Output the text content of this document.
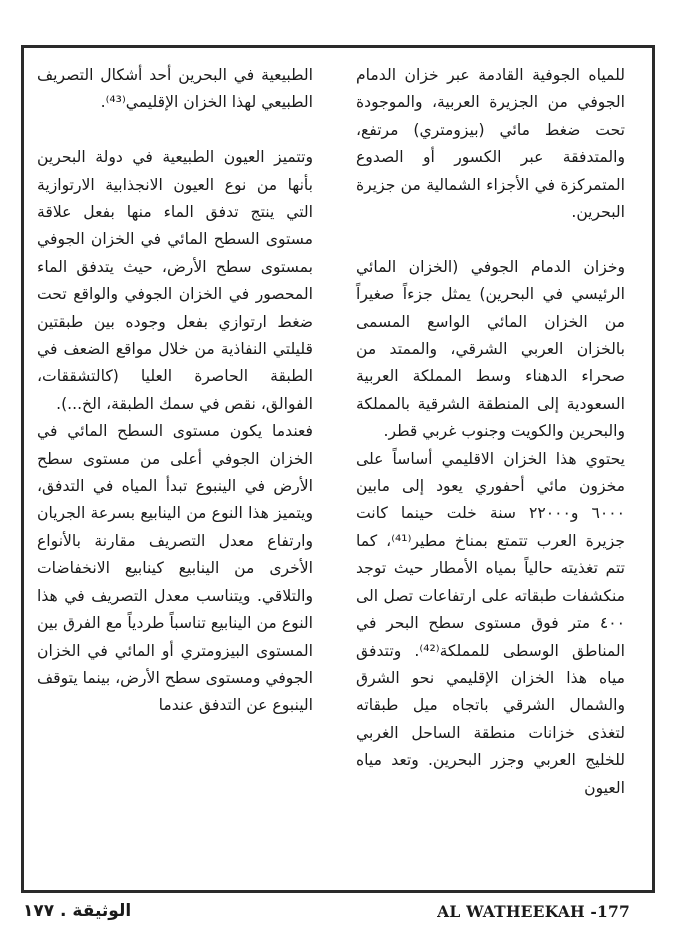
للمياه الجوفية القادمة عبر خزان الدمام الجوفي من الجزيرة العربية، والموجودة تحت ضغط مائي (بيزومتري) مرتفع، والمتدفقة عبر الكسور أو الصدوع المتمركزة في الأجزاء الشمالية من جزيرة البحرين.

وخزان الدمام الجوفي (الخزان المائي الرئيسي في البحرين) يمثل جزءاً صغيراً من الخزان المائي الواسع المسمى بالخزان العربي الشرقي، والممتد من صحراء الدهناء وسط المملكة العربية السعودية إلى المنطقة الشرقية بالمملكة والبحرين والكويت وجنوب غربي قطر.

يحتوي هذا الخزان الاقليمي أساساً على مخزون مائي أحفوري يعود إلى مابين ٦٠٠٠ و٢٢٠٠٠ سنة خلت حينما كانت جزيرة العرب تتمتع بمناخ مطير⁽⁴¹⁾، كما تتم تغذيته حالياً بمياه الأمطار حيث توجد منكشفات طبقاته على ارتفاعات تصل الى ٤٠٠ متر فوق مستوى سطح البحر في المناطق الوسطى للمملكة⁽⁴²⁾. وتتدفق مياه هذا الخزان الإقليمي نحو الشرق والشمال الشرقي باتجاه ميل طبقاته لتغذى خزانات منطقة الساحل الغربي للخليج العربي وجزر البحرين. وتعد مياه العيون

الطبيعية في البحرين أحد أشكال التصريف الطبيعي لهذا الخزان الإقليمي⁽⁴³⁾.

وتتميز العيون الطبيعية في دولة البحرين بأنها من نوع العيون الانجذابية الارتوازية التي ينتج تدفق الماء منها بفعل علاقة مستوى السطح المائي في الخزان الجوفي بمستوى سطح الأرض، حيث يتدفق الماء المحصور في الخزان الجوفي والواقع تحت ضغط ارتوازي بفعل وجوده بين طبقتين قليلتي النفاذية من خلال مواقع الضعف في الطبقة الحاصرة العليا (كالتشققات، الفوالق، نقص في سمك الطبقة، الخ...).

فعندما يكون مستوى السطح المائي في الخزان الجوفي أعلى من مستوى سطح الأرض في الينبوع تبدأ المياه في التدفق، ويتميز هذا النوع من الينابيع بسرعة الجريان وارتفاع معدل التصريف مقارنة بالأنواع الأخرى من الينابيع كينابيع الانخفاضات والتلاقي. ويتناسب معدل التصريف في هذا النوع من الينابيع تناسباً طردياً مع الفرق بين المستوى البيزومتري أو المائي في الخزان الجوفي ومستوى سطح الأرض، بينما يتوقف الينبوع عن التدفق عندما

الوثيقة . ١٧٧	AL WATHEEKAH -177
